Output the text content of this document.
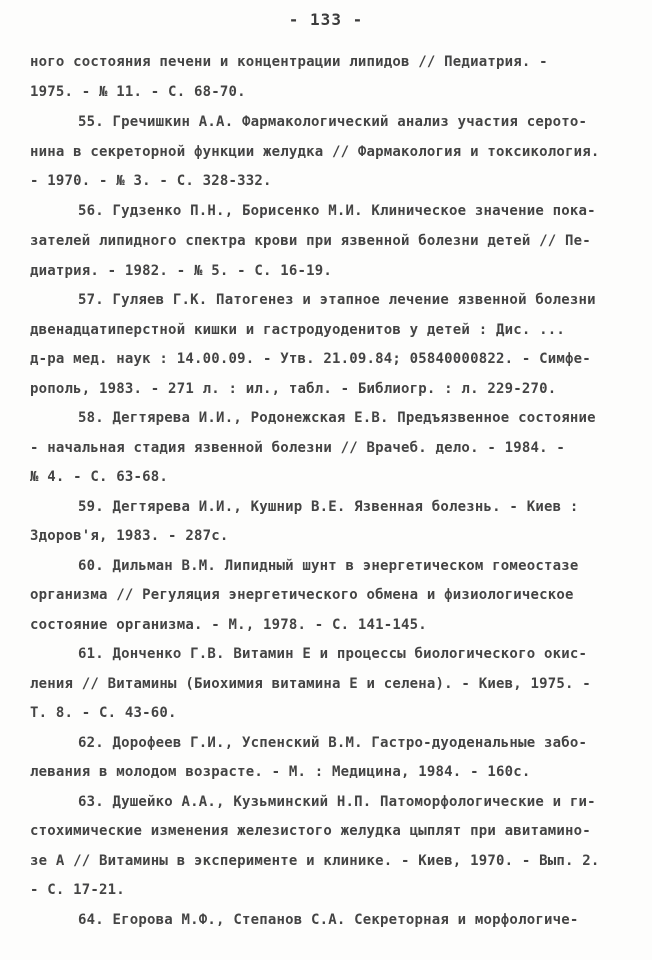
- 133 -
ного состояния печени и концентрации липидов // Педиатрия. -
1975. - № 11. - С. 68-70.
55. Гречишкин А.А. Фармакологический анализ участия серото-
нина в секреторной функции желудка // Фармакология и токсикология.
- 1970. - № 3. - С. 328-332.
56. Гудзенко П.Н., Борисенко М.И. Клиническое значение пока-
зателей липидного спектра крови при язвенной болезни детей // Пе-
диатрия. - 1982. - № 5. - С. 16-19.
57. Гуляев Г.К. Патогенез и этапное лечение язвенной болезни
двенадцатиперстной кишки и гастродуоденитов у детей : Дис. ...
д-ра мед. наук : 14.00.09. - Утв. 21.09.84; 05840000822. - Симфе-
рополь, 1983. - 271 л. : ил., табл. - Библиогр. : л. 229-270.
58. Дегтярева И.И., Родонежская Е.В. Предъязвенное состояние
- начальная стадия язвенной болезни // Врачеб. дело. - 1984. -
№ 4. - С. 63-68.
59. Дегтярева И.И., Кушнир В.Е. Язвенная болезнь. - Киев :
Здоров'я, 1983. - 287с.
60. Дильман В.М. Липидный шунт в энергетическом гомеостазе
организма // Регуляция энергетического обмена и физиологическое
состояние организма. - М., 1978. - С. 141-145.
61. Донченко Г.В. Витамин Е и процессы биологического окис-
ления // Витамины (Биохимия витамина Е и селена). - Киев, 1975. -
Т. 8. - С. 43-60.
62. Дорофеев Г.И., Успенский В.М. Гастро-дуоденальные забо-
левания в молодом возрасте. - М. : Медицина, 1984. - 160с.
63. Душейко А.А., Кузьминский Н.П. Патоморфологические и ги-
стохимические изменения железистого желудка цыплят при авитамино-
зе А // Витамины в эксперименте и клинике. - Киев, 1970. - Вып. 2.
- С. 17-21.
64. Егорова М.Ф., Степанов С.А. Секреторная и морфологиче-
